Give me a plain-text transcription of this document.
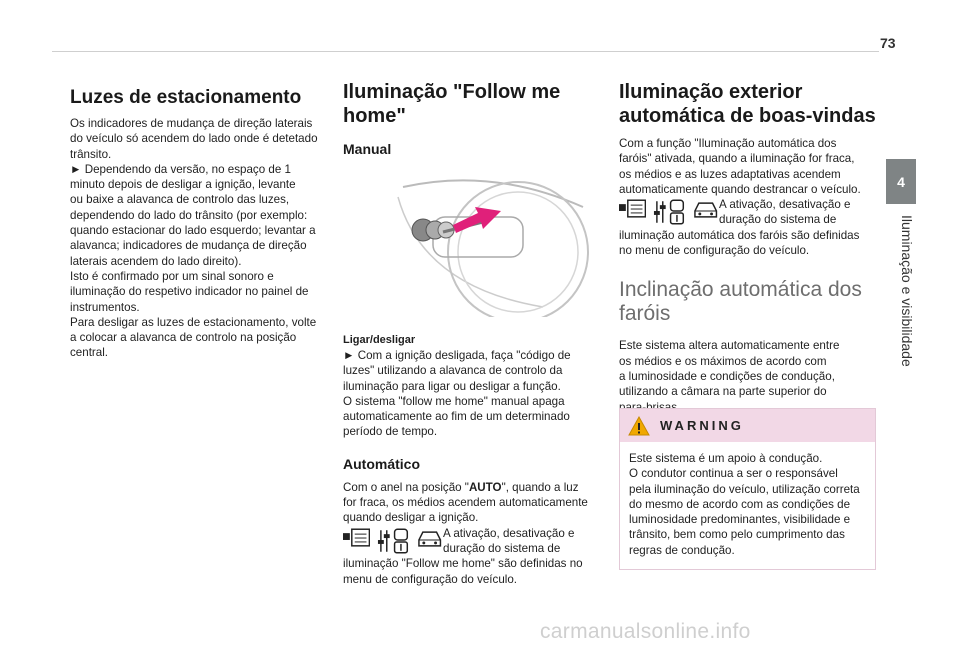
73
4
Iluminação e visibilidade
Luzes de estacionamento

Os indicadores de mudança de direção laterais
do veículo só acendem do lado onde é detetado
trânsito.
► Dependendo da versão, no espaço de 1
minuto depois de desligar a ignição, levante
ou baixe a alavanca de controlo das luzes,
dependendo do lado do trânsito (por exemplo:
quando estacionar do lado esquerdo; levantar a
alavanca; indicadores de mudança de direção
laterais acendem do lado direito).
Isto é confirmado por um sinal sonoro e
iluminação do respetivo indicador no painel de
instrumentos.
Para desligar as luzes de estacionamento, volte
a colocar a alavanca de controlo na posição
central.

Iluminação "Follow me home"
Manual
Ligar/desligar

► Com a ignição desligada, faça "código de
luzes" utilizando a alavanca de controlo da
iluminação para ligar ou desligar a função.
O sistema "follow me home" manual apaga
automaticamente ao fim de um determinado
período de tempo.

Automático

Com o anel na posição "AUTO", quando a luz
for fraca, os médios acendem automaticamente
quando desligar a ignição.

A ativação, desativação e
duração do sistema de

iluminação "Follow me home" são definidas no
menu de configuração do veículo.

Iluminação exterior automática de boas-vindas

Com a função "Iluminação automática dos
faróis" ativada, quando a iluminação for fraca,
os médios e as luzes adaptativas acendem
automaticamente quando destrancar o veículo.

A ativação, desativação e
duração do sistema de

iluminação automática dos faróis são definidas
no menu de configuração do veículo.

Inclinação automática dos faróis

Este sistema altera automaticamente entre
os médios e os máximos de acordo com
a luminosidade e condições de condução,
utilizando a câmara na parte superior do

WARNING

Este sistema é um apoio à condução.
O condutor continua a ser o responsável
pela iluminação do veículo, utilização correta
do mesmo de acordo com as condições de
luminosidade predominantes, visibilidade e
trânsito, bem como pelo cumprimento das
regras de condução.

carmanualsonline.info
